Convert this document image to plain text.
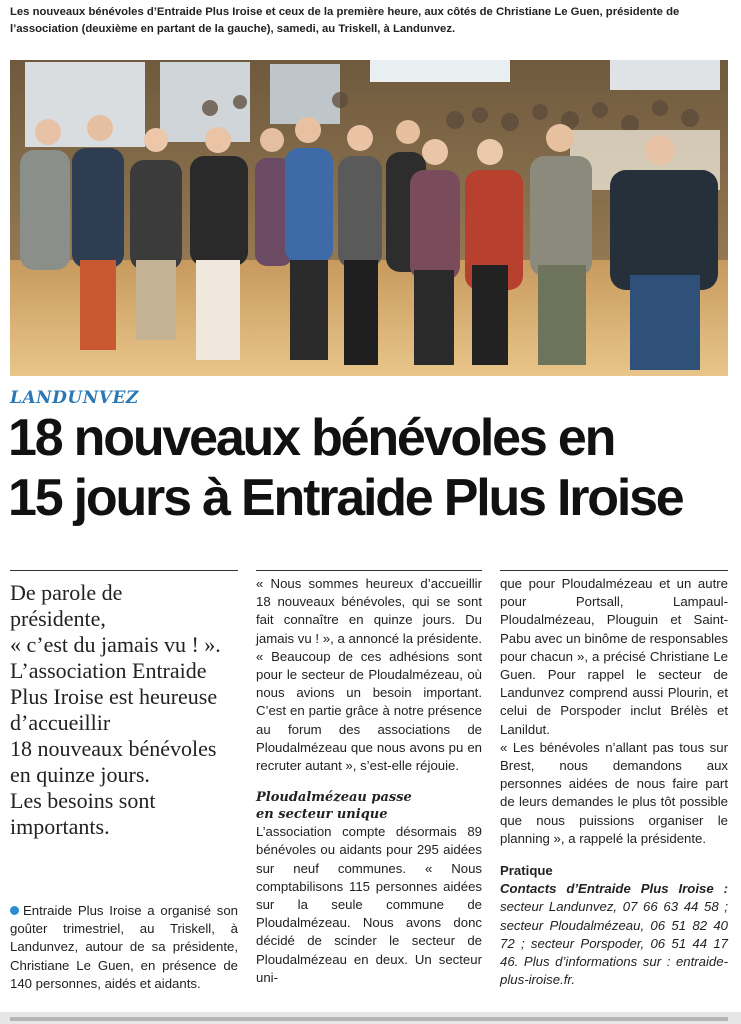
Les nouveaux bénévoles d’Entraide Plus Iroise et ceux de la première heure, aux côtés de Christiane Le Guen, présidente de l’association (deuxième en partant de la gauche), samedi, au Triskell, à Landunvez.
LANDUNVEZ
18 nouveaux bénévoles en
15 jours à Entraide Plus Iroise

De parole de

présidente,

« c’est du jamais vu ! ».

L’association Entraide

Plus Iroise est heureuse

d’accueillir

18 nouveaux bénévoles

en quinze jours.

Les besoins sont

importants.

Entraide Plus Iroise a organisé son goûter trimestriel, au Triskell, à Landunvez, autour de sa présidente, Christiane Le Guen, en présence de 140 personnes, aidés et aidants.

« Nous sommes heureux d’accueillir 18 nouveaux bénévoles, qui se sont fait connaître en quinze jours. Du jamais vu ! », a annoncé la présidente. « Beaucoup de ces adhésions sont pour le secteur de Ploudalmézeau, où nous avions un besoin important. C’est en partie grâce à notre présence au forum des associations de Ploudalmézeau que nous avons pu en recruter autant », s’est-elle réjouie.

Ploudalmézeau passe
en secteur unique

L’association compte désormais 89 bénévoles ou aidants pour 295 aidées sur neuf communes. « Nous comptabilisons 115 personnes aidées sur la seule commune de Ploudalmézeau. Nous avons donc décidé de scinder le secteur de Ploudalmézeau en deux. Un secteur uni-

que pour Ploudalmézeau et un autre pour Portsall, Lampaul-Ploudalmézeau, Plouguin et Saint-Pabu avec un binôme de responsables pour chacun », a précisé Christiane Le Guen. Pour rappel le secteur de Landunvez comprend aussi Plourin, et celui de Porspoder inclut Brélès et Lanildut.

« Les bénévoles n’allant pas tous sur Brest, nous demandons aux personnes aidées de nous faire part de leurs demandes le plus tôt possible que nous puissions organiser le planning », a rappelé la présidente.

Pratique

Contacts d’Entraide Plus Iroise : secteur Landunvez, 07 66 63 44 58 ; secteur Ploudalmézeau, 06 51 82 40 72 ; secteur Porspoder, 06 51 44 17 46. Plus d’informations sur : entraide-plus-iroise.fr.
